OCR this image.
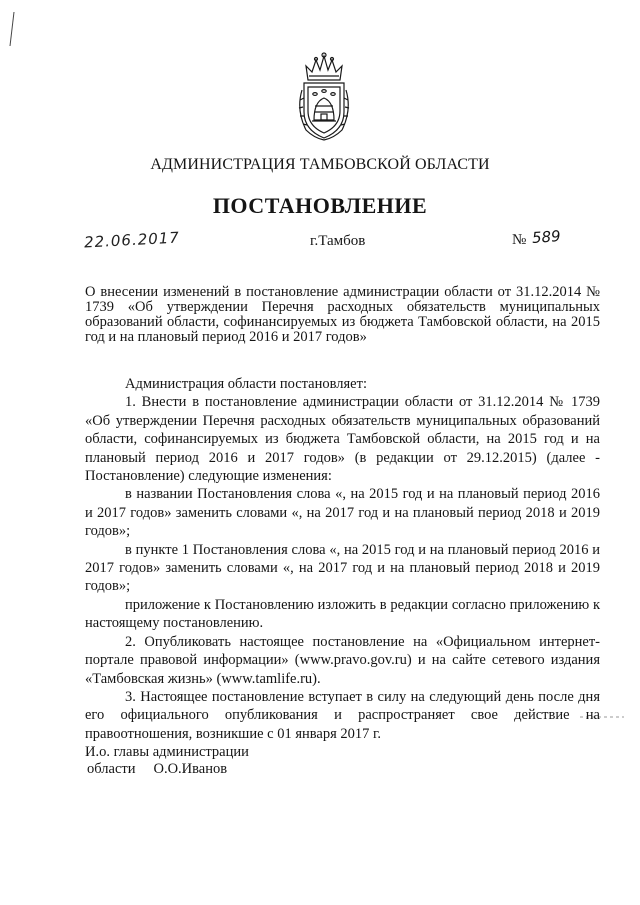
АДМИНИСТРАЦИЯ ТАМБОВСКОЙ ОБЛАСТИ
ПОСТАНОВЛЕНИЕ
22.06.2017	г.Тамбов	№ 589
О внесении изменений в постановление администрации области от 31.12.2014 № 1739 «Об утверждении Перечня расходных обязательств муниципальных образований области, софинансируемых из бюджета Тамбовской области, на 2015 год и на плановый период 2016 и 2017 годов»

Администрация области постановляет:

1. Внести в постановление администрации области от 31.12.2014 № 1739 «Об утверждении Перечня расходных обязательств муниципальных образований области, софинансируемых из бюджета Тамбовской области, на 2015 год и на плановый период 2016 и 2017 годов» (в редакции от 29.12.2015) (далее - Постановление) следующие изменения:

в названии Постановления слова «, на 2015 год и на плановый период 2016 и 2017 годов» заменить словами «, на 2017 год и на плановый период 2018 и 2019 годов»;

в пункте 1 Постановления слова «, на 2015 год и на плановый период 2016 и 2017 годов» заменить словами «, на 2017 год и на плановый период 2018 и 2019 годов»;

приложение к Постановлению изложить в редакции согласно приложению к настоящему постановлению.

2. Опубликовать настоящее постановление на «Официальном интернет-портале правовой информации» (www.pravo.gov.ru) и на сайте сетевого издания «Тамбовская жизнь» (www.tamlife.ru).

3. Настоящее постановление вступает в силу на следующий день после дня его официального опубликования и распространяет свое действие на правоотношения, возникшие с 01 января 2017 г.

И.о. главы администрации
области О.О.Иванов
